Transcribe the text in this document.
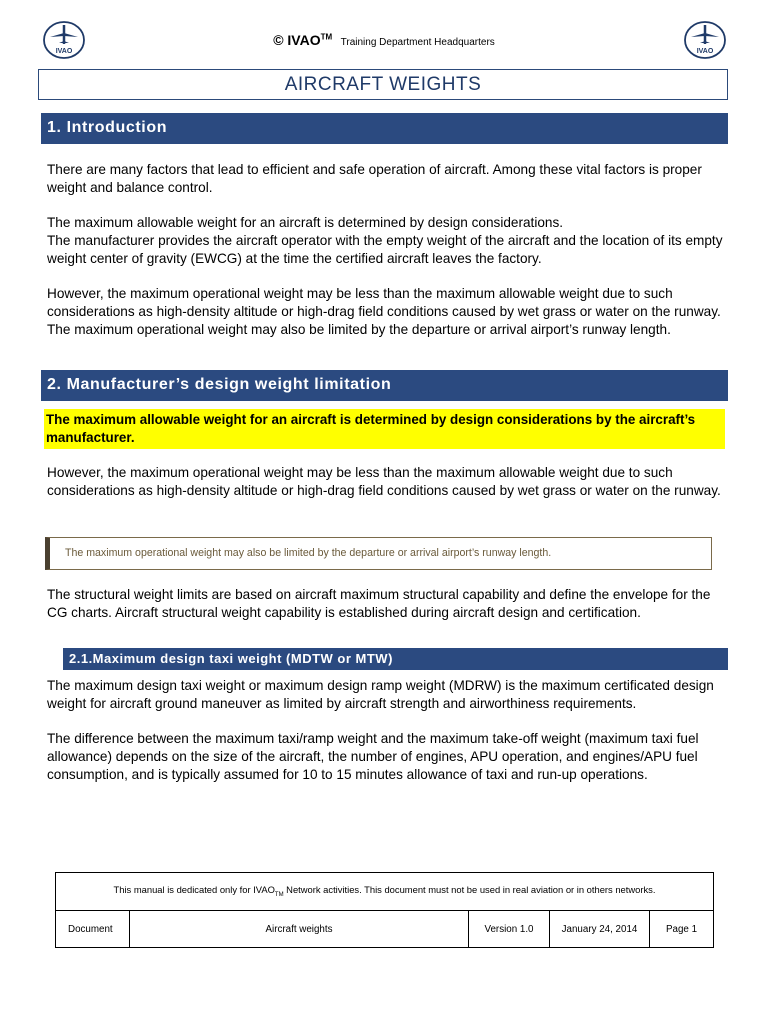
IVAO	IVAO
© IVAO™ Training Department Headquarters
AIRCRAFT WEIGHTS
1. Introduction

There are many factors that lead to efficient and safe operation of aircraft. Among these vital factors is proper weight and balance control.

The maximum allowable weight for an aircraft is determined by design considerations.

The manufacturer provides the aircraft operator with the empty weight of the aircraft and the location of its empty weight center of gravity (EWCG) at the time the certified aircraft leaves the factory.

However, the maximum operational weight may be less than the maximum allowable weight due to such considerations as high-density altitude or high-drag field conditions caused by wet grass or water on the runway. The maximum operational weight may also be limited by the departure or arrival airport’s runway length.

2. Manufacturer’s design weight limitation
The maximum allowable weight for an aircraft is determined by design considerations by the aircraft’s manufacturer.

However, the maximum operational weight may be less than the maximum allowable weight due to such considerations as high-density altitude or high-drag field conditions caused by wet grass or water on the runway.

The maximum operational weight may also be limited by the departure or arrival airport’s runway length.

The structural weight limits are based on aircraft maximum structural capability and define the envelope for the CG charts. Aircraft structural weight capability is established during aircraft design and certification.

2.1.Maximum design taxi weight (MDTW or MTW)

The maximum design taxi weight or maximum design ramp weight (MDRW) is the maximum certificated design weight for aircraft ground maneuver as limited by aircraft strength and airworthiness requirements.

The difference between the maximum taxi/ramp weight and the maximum take-off weight (maximum taxi fuel allowance) depends on the size of the aircraft, the number of engines, APU operation, and engines/APU fuel consumption, and is typically assumed for 10 to 15 minutes allowance of taxi and run-up operations.

This manual is dedicated only for $IVAO_{TM}$ Network activities. This document must not be used in real aviation or in others networks.
Document	Aircraft weights	Version 1.0	January 24, 2014	Page 1
